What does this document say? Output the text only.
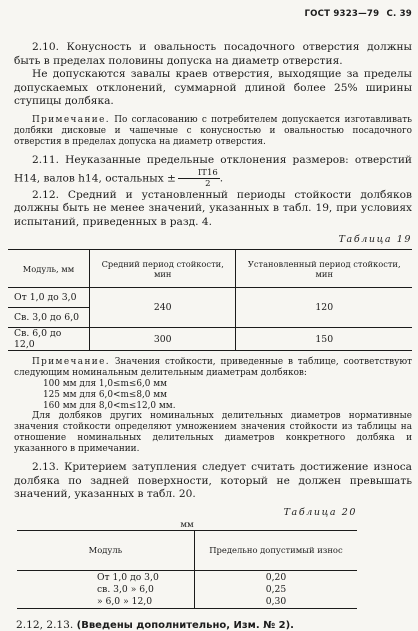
ГОСТ 9323—79 С. 39

2.10. Конусность и овальность посадочного отверстия должны быть в пределах половины допуска на диаметр отверстия.

Не допускаются завалы краев отверстия, выходящие за пределы допускаемых отклонений, суммарной длиной более 25% ширины ступицы долбяка.

Примечание. По согласованию с потребителем допускается изготавливать долбяки дисковые и чашечные с конусностью и овальностью посадочного отверстия в пределах допуска на диаметр отверстия.

2.11. Неуказанные предельные отклонения размеров: отверстий H14, валов h14, остальных ± $\frac{IT16}{2}$ .

2.12. Средний и установленный периоды стойкости долбяков должны быть не менее значений, указанных в табл. 19, при условиях испытаний, приведенных в разд. 4.

Таблица 19
Модуль, мм	Средний период стойкости, мин	Установленный период стойкости, мин
От 1,0 до 3,0	240	120
Св. 3,0 до 6,0		
Св. 6,0 до 12,0	300	150

Примечание. Значения стойкости, приведенные в таблице, соответствуют следующим номинальным делительным диаметрам долбяков:

100 мм для 1,0≤m≤6,0 мм
125 мм для 6,0<m≤8,0 мм
160 мм для 8,0<m≤12,0 мм.

Для долбяков других номинальных делительных диаметров нормативные значения стойкости определяют умножением значения стойкости из таблицы на отношение номинальных делительных диаметров конкретного долбяка и указанного в примечании.

2.13. Критерием затупления следует считать достижение износа долбяка по задней поверхности, который не должен превышать значений, указанных в табл. 20.

Таблица 20
мм
Модуль	Предельно допустимый износ
От 1,0 до 3,0	0,20
св. 3,0 » 6,0	0,25
» 6,0 » 12,0	0,30

2.12, 2.13. (Введены дополнительно, Изм. № 2).
